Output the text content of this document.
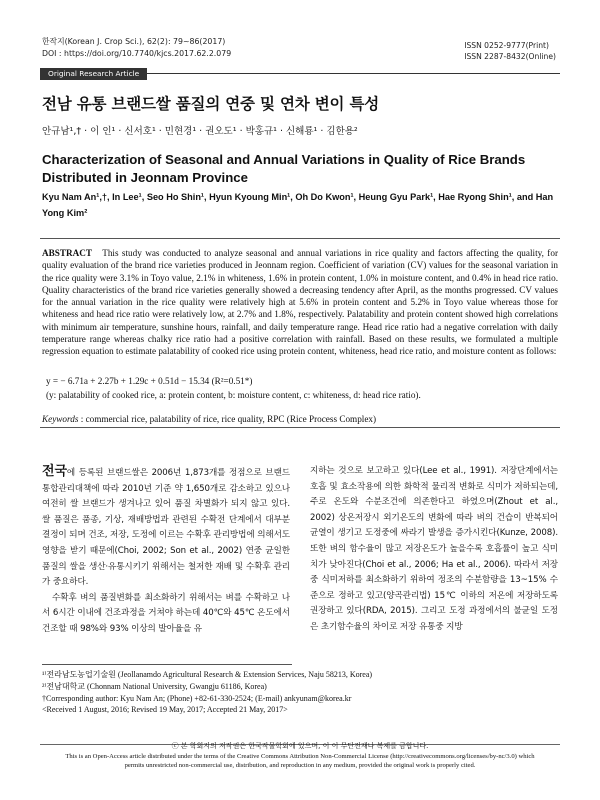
한작지(Korean J. Crop Sci.), 62(2): 79~86(2017)
DOI : https://doi.org/10.7740/kjcs.2017.62.2.079
ISSN 0252-9777(Print)
ISSN 2287-8432(Online)
Original Research Article
전남 유통 브랜드쌀 품질의 연중 및 연차 변이 특성
안규남¹,† · 이 인¹ · 신서호¹ · 민현경¹ · 권오도¹ · 박홍규¹ · 신해룡¹ · 김한용²
Characterization of Seasonal and Annual Variations in Quality of Rice Brands Distributed in Jeonnam Province
Kyu Nam An¹,†, In Lee¹, Seo Ho Shin¹, Hyun Kyoung Min¹, Oh Do Kwon¹, Heung Gyu Park¹, Hae Ryong Shin¹, and Han Yong Kim²
ABSTRACT This study was conducted to analyze seasonal and annual variations in rice quality and factors affecting the quality, for quality evaluation of the brand rice varieties produced in Jeonnam region. Coefficient of variation (CV) values for the seasonal variation in the rice quality were 3.1% in Toyo value, 2.1% in whiteness, 1.6% in protein content, 1.0% in moisture content, and 0.4% in head rice ratio. Quality characteristics of the brand rice varieties generally showed a decreasing tendency after April, as the months progressed. CV values for the annual variation in the rice quality were relatively high at 5.6% in protein content and 5.2% in Toyo value whereas those for whiteness and head rice ratio were relatively low, at 2.7% and 1.8%, respectively. Palatability and protein content showed high correlations with minimum air temperature, sunshine hours, rainfall, and daily temperature range. Head rice ratio had a negative correlation with daily temperature range whereas chalky rice ratio had a positive correlation with rainfall. Based on these results, we formulated a multiple regression equation to estimate palatability of cooked rice using protein content, whiteness, head rice ratio, and moisture content as follows:
y = − 6.71a + 2.27b + 1.29c + 0.51d − 15.34 (R²=0.51*)
(y: palatability of cooked rice, a: protein content, b: moisture content, c: whiteness, d: head rice ratio).
Keywords : commercial rice, palatability of rice, rice quality, RPC (Rice Process Complex)
전국에 등록된 브랜드쌀은 2006년 1,873개를 정점으로 브랜드 통합관리대책에 따라 2010년 기준 약 1,650개로 감소하고 있으나 여전히 쌀 브랜드가 생겨나고 있어 품질 차별화가 되지 않고 있다. 쌀 품질은 품종, 기상, 재배방법과 관련된 수확전 단계에서 대부분 결정이 되며 건조, 저장, 도정에 이르는 수확후 관리방법에 의해서도 영향을 받기 때문에(Choi, 2002; Son et al., 2002) 연중 균일한 품질의 쌀을 생산·유통시키기 위해서는 철저한 재배 및 수확후 관리가 중요하다.
수확후 벼의 품질변화를 최소화하기 위해서는 벼를 수확하고 나서 6시간 이내에 건조과정을 거쳐야 하는데 40℃와 45℃ 온도에서 건조할 때 98%와 93% 이상의 발아율을 유
지하는 것으로 보고하고 있다(Lee et al., 1991). 저장단계에서는 호흡 및 효소작용에 의한 화학적 물리적 변화로 식미가 저하되는데, 주로 온도와 수분조건에 의존한다고 하였으며(Zhout et al., 2002) 상온저장시 외기온도의 변화에 따라 벼의 건습이 반복되어 균열이 생기고 도정중에 싸라기 발생을 증가시킨다(Kunze, 2008). 또한 벼의 함수율이 많고 저장온도가 높을수록 호흡률이 높고 식미치가 낮아진다(Choi et al., 2006; Ha et al., 2006). 따라서 저장중 식미저하를 최소화하기 위하여 정조의 수분함량을 13~15% 수준으로 정하고 있고(양곡관리법) 15℃ 이하의 저온에 저장하도록 권장하고 있다(RDA, 2015). 그리고 도정 과정에서의 불균일 도정은 초기함수율의 차이로 저장 유통중 지방
¹⁾전라남도농업기술원 (Jeollanamdo Agricultural Research & Extension Services, Naju 58213, Korea)
²⁾전남대학교 (Chonnam National University, Gwangju 61186, Korea)
†Corresponding author: Kyu Nam An; (Phone) +82-61-330-2524; (E-mail) ankyunam@korea.kr
<Received 1 August, 2016; Revised 19 May, 2017; Accepted 21 May, 2017>
ⓒ 본 학회지의 저작권은 한국작물학회에 있으며, 이 이 무단전재나 복제를 금합니다.
This is an Open-Access article distributed under the terms of the Creative Commons Attribution Non-Commercial License (http://creativecommons.org/licenses/by-nc/3.0) which
permits unrestricted non-commercial use, distribution, and reproduction in any medium, provided the original work is properly cited.
